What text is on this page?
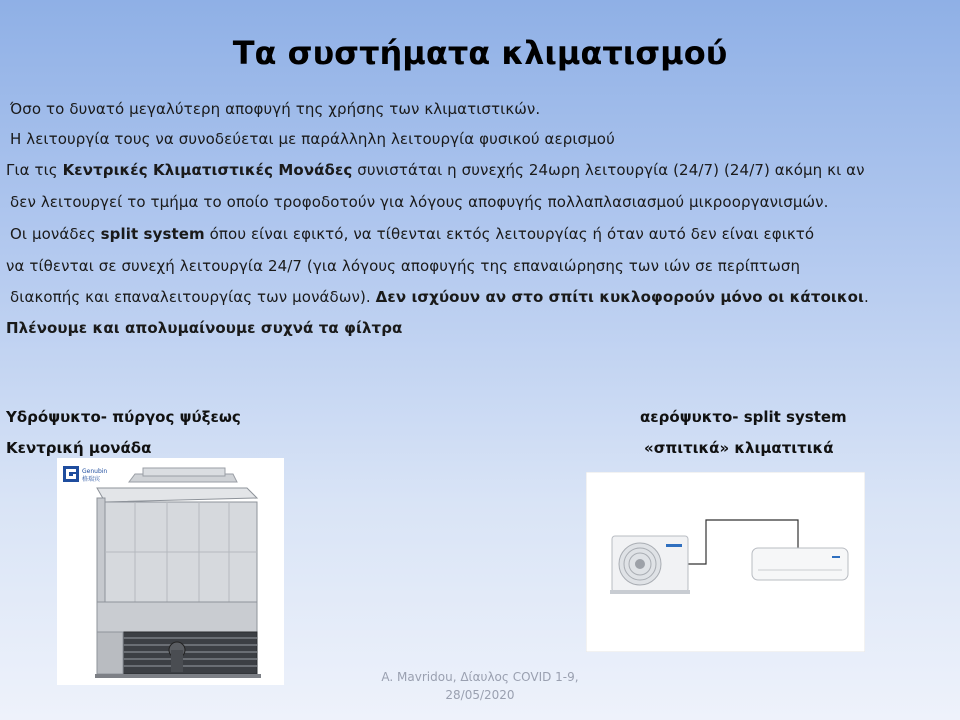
Τα συστήματα κλιματισμού
Όσο το δυνατό μεγαλύτερη αποφυγή της χρήσης των κλιματιστικών.
Η λειτουργία τους να συνοδεύεται με παράλληλη λειτουργία φυσικού αερισμού
Για τις Κεντρικές Κλιματιστικές Μονάδες συνιστάται η συνεχής 24ωρη λειτουργία (24/7) (24/7) ακόμη κι αν
δεν λειτουργεί το τμήμα το οποίο τροφοδοτούν για λόγους αποφυγής πολλαπλασιασμού μικροοργανισμών.
Οι μονάδες split system όπου είναι εφικτό, να τίθενται εκτός λειτουργίας ή όταν αυτό δεν είναι εφικτό
να τίθενται σε συνεχή λειτουργία 24/7 (για λόγους αποφυγής της επαναιώρησης των ιών σε περίπτωση
διακοπής και επαναλειτουργίας των μονάδων). Δεν ισχύουν αν στο σπίτι κυκλοφορούν μόνο οι κάτοικοι.
Πλένουμε και απολυμαίνουμε συχνά τα φίλτρα
Υδρόψυκτο- πύργος ψύξεως
Κεντρική μονάδα
αερόψυκτο- split system
«σπιτικά» κλιματιτικά
Genubin
格瑞宾
A. Mavridou, Δίαυλος COVID 1-9,
28/05/2020
